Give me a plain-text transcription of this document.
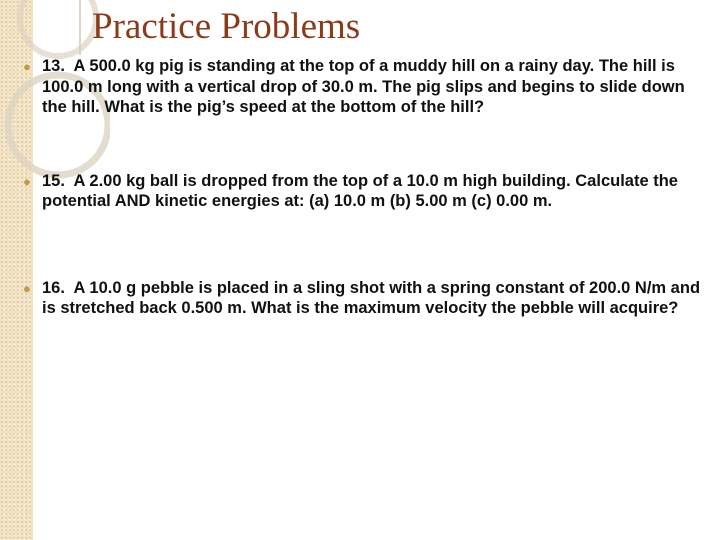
Practice Problems
● 13. A 500.0 kg pig is standing at the top of a muddy hill on a rainy day. The hill is 100.0 m long with a vertical drop of 30.0 m. The pig slips and begins to slide down the hill. What is the pig’s speed at the bottom of the hill?
● 15. A 2.00 kg ball is dropped from the top of a 10.0 m high building. Calculate the potential AND kinetic energies at: (a) 10.0 m (b) 5.00 m (c) 0.00 m.
● 16. A 10.0 g pebble is placed in a sling shot with a spring constant of 200.0 N/m and is stretched back 0.500 m. What is the maximum velocity the pebble will acquire?
